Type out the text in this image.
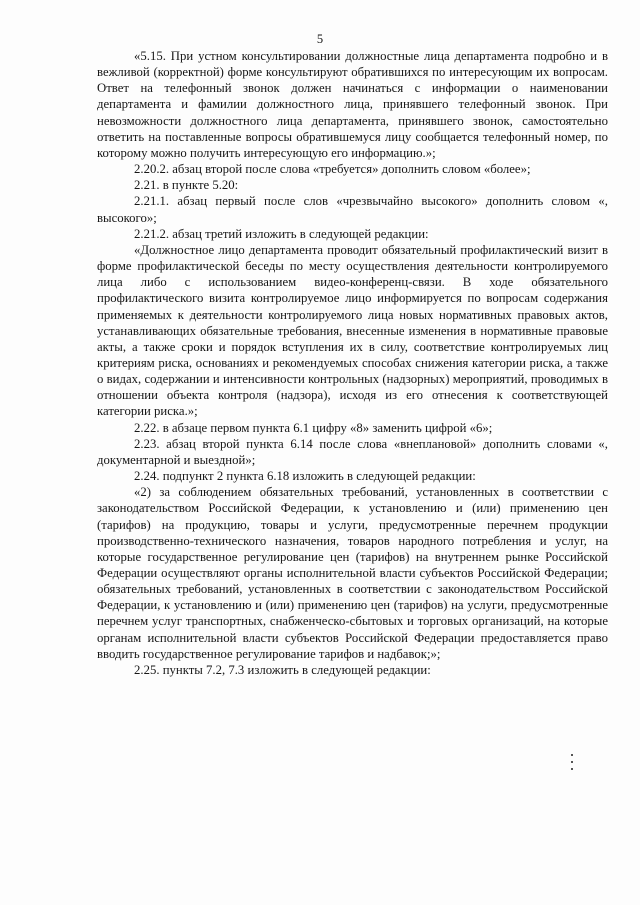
5

«5.15. При устном консультировании должностные лица департамента подробно и в вежливой (корректной) форме консультируют обратившихся по интересующим их вопросам. Ответ на телефонный звонок должен начинаться с информации о наименовании департамента и фамилии должностного лица, принявшего телефонный звонок. При невозможности должностного лица департамента, принявшего звонок, самостоятельно ответить на поставленные вопросы обратившемуся лицу сообщается телефонный номер, по которому можно получить интересующую его информацию.»;

2.20.2. абзац второй после слова «требуется» дополнить словом «более»;

2.21. в пункте 5.20:

2.21.1. абзац первый после слов «чрезвычайно высокого» дополнить словом «, высокого»;

2.21.2. абзац третий изложить в следующей редакции:

«Должностное лицо департамента проводит обязательный профилактический визит в форме профилактической беседы по месту осуществления деятельности контролируемого лица либо с использованием видео-конференц-связи. В ходе обязательного профилактического визита контролируемое лицо информируется по вопросам содержания применяемых к деятельности контролируемого лица новых нормативных правовых актов, устанавливающих обязательные требования, внесенные изменения в нормативные правовые акты, а также сроки и порядок вступления их в силу, соответствие контролируемых лиц критериям риска, основаниях и рекомендуемых способах снижения категории риска, а также о видах, содержании и интенсивности контрольных (надзорных) мероприятий, проводимых в отношении объекта контроля (надзора), исходя из его отнесения к соответствующей категории риска.»;

2.22. в абзаце первом пункта 6.1 цифру «8» заменить цифрой «6»;

2.23. абзац второй пункта 6.14 после слова «внеплановой» дополнить словами «, документарной и выездной»;

2.24. подпункт 2 пункта 6.18 изложить в следующей редакции:

«2) за соблюдением обязательных требований, установленных в соответствии с законодательством Российской Федерации, к установлению и (или) применению цен (тарифов) на продукцию, товары и услуги, предусмотренные перечнем продукции производственно-технического назначения, товаров народного потребления и услуг, на которые государственное регулирование цен (тарифов) на внутреннем рынке Российской Федерации осуществляют органы исполнительной власти субъектов Российской Федерации; обязательных требований, установленных в соответствии с законодательством Российской Федерации, к установлению и (или) применению цен (тарифов) на услуги, предусмотренные перечнем услуг транспортных, снабженческо-сбытовых и торговых организаций, на которые органам исполнительной власти субъектов Российской Федерации предоставляется право вводить государственное регулирование тарифов и надбавок;»;

2.25. пункты 7.2, 7.3 изложить в следующей редакции:
